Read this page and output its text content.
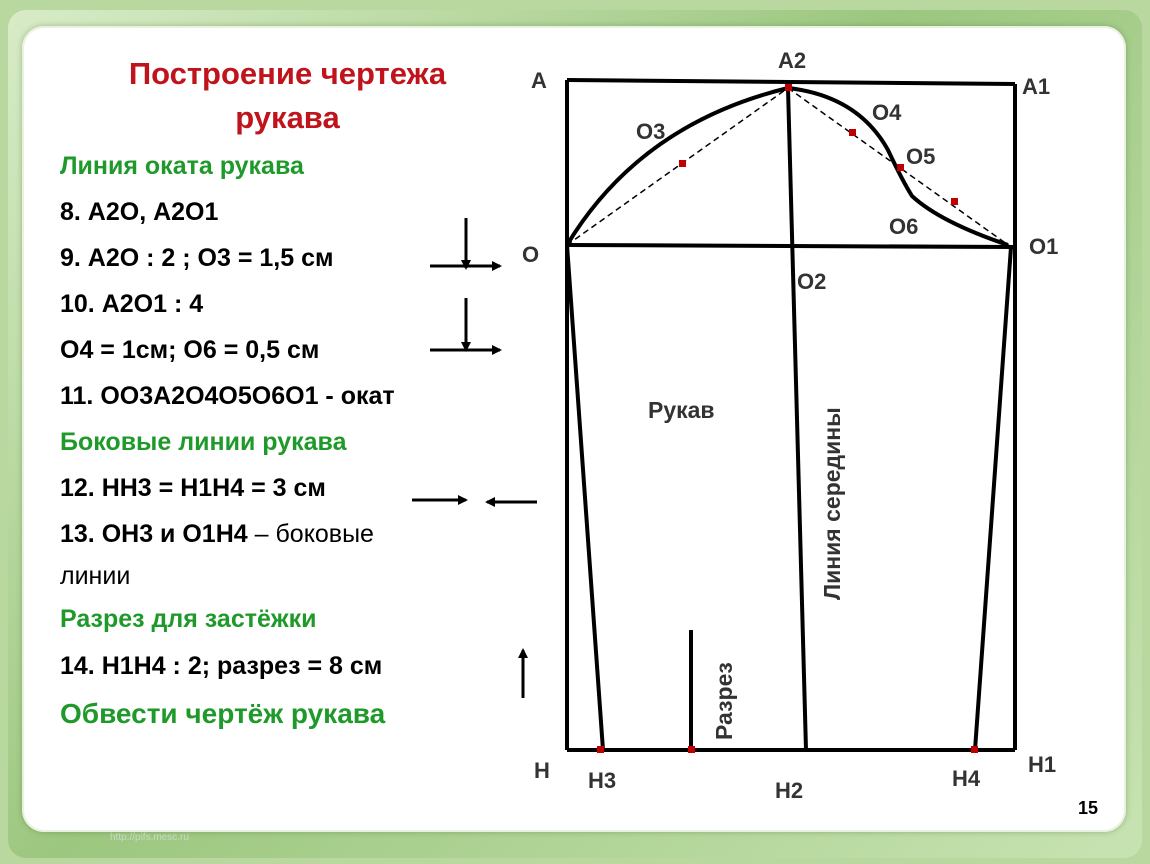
Построение чертежа
рукава
Линия оката рукава
8. А2О, А2О1
9. А2О : 2 ; О3 = 1,5 см
10. А2О1 : 4
О4 = 1см; О6 = 0,5 см
11. ОО3А2О4О5О6О1 - окат
Боковые линии рукава
12. НН3 = Н1Н4 = 3 см
13. ОН3 и О1Н4 – боковые
линии
Разрез для застёжки
14. Н1Н4 : 2; разрез = 8 см
Обвести чертёж рукава
А	А1
А2
О	О1
О2
О3
О4
О5
О6
Н	Н1
Н2
Н3	Н4
Рукав	Линия середины
Разрез
15
http://pifs.mesc.ru
